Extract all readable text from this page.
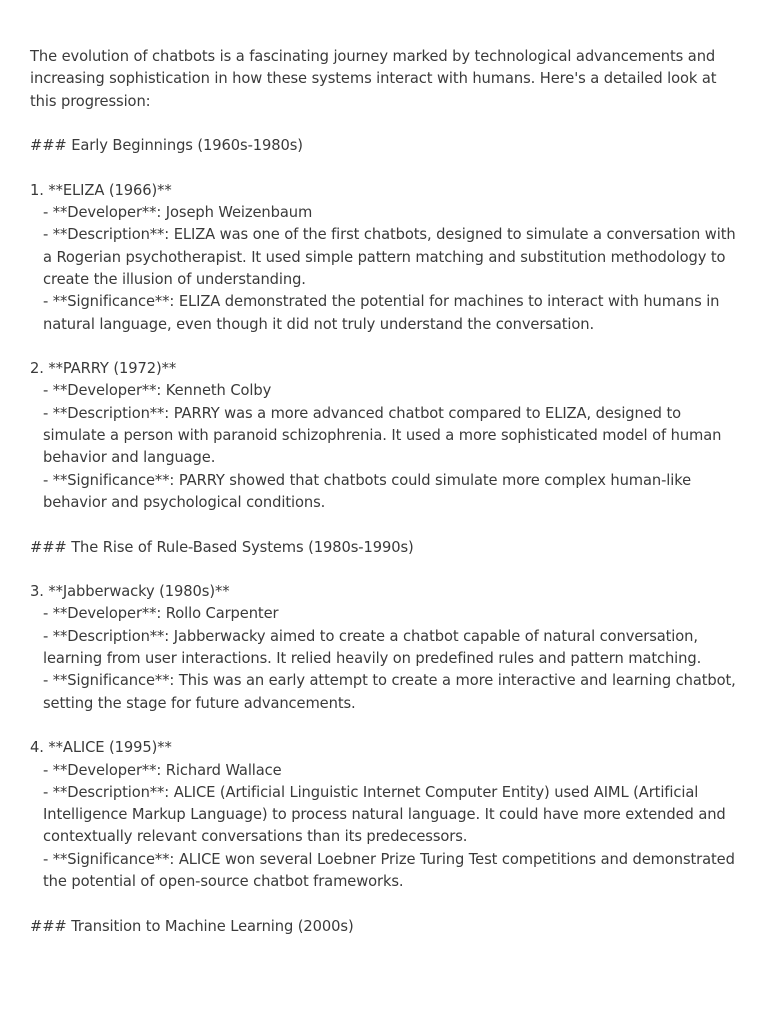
The evolution of chatbots is a fascinating journey marked by technological advancements and increasing sophistication in how these systems interact with humans. Here's a detailed look at this progression:

### Early Beginnings (1960s-1980s)

1. **ELIZA (1966)**
- **Developer**: Joseph Weizenbaum
- **Description**: ELIZA was one of the first chatbots, designed to simulate a conversation with a Rogerian psychotherapist. It used simple pattern matching and substitution methodology to create the illusion of understanding.
- **Significance**: ELIZA demonstrated the potential for machines to interact with humans in natural language, even though it did not truly understand the conversation.
2. **PARRY (1972)**
- **Developer**: Kenneth Colby
- **Description**: PARRY was a more advanced chatbot compared to ELIZA, designed to simulate a person with paranoid schizophrenia. It used a more sophisticated model of human behavior and language.
- **Significance**: PARRY showed that chatbots could simulate more complex human-like behavior and psychological conditions.

### The Rise of Rule-Based Systems (1980s-1990s)

3. **Jabberwacky (1980s)**
- **Developer**: Rollo Carpenter
- **Description**: Jabberwacky aimed to create a chatbot capable of natural conversation, learning from user interactions. It relied heavily on predefined rules and pattern matching.
- **Significance**: This was an early attempt to create a more interactive and learning chatbot, setting the stage for future advancements.
4. **ALICE (1995)**
- **Developer**: Richard Wallace
- **Description**: ALICE (Artificial Linguistic Internet Computer Entity) used AIML (Artificial Intelligence Markup Language) to process natural language. It could have more extended and contextually relevant conversations than its predecessors.
- **Significance**: ALICE won several Loebner Prize Turing Test competitions and demonstrated the potential of open-source chatbot frameworks.

### Transition to Machine Learning (2000s)
